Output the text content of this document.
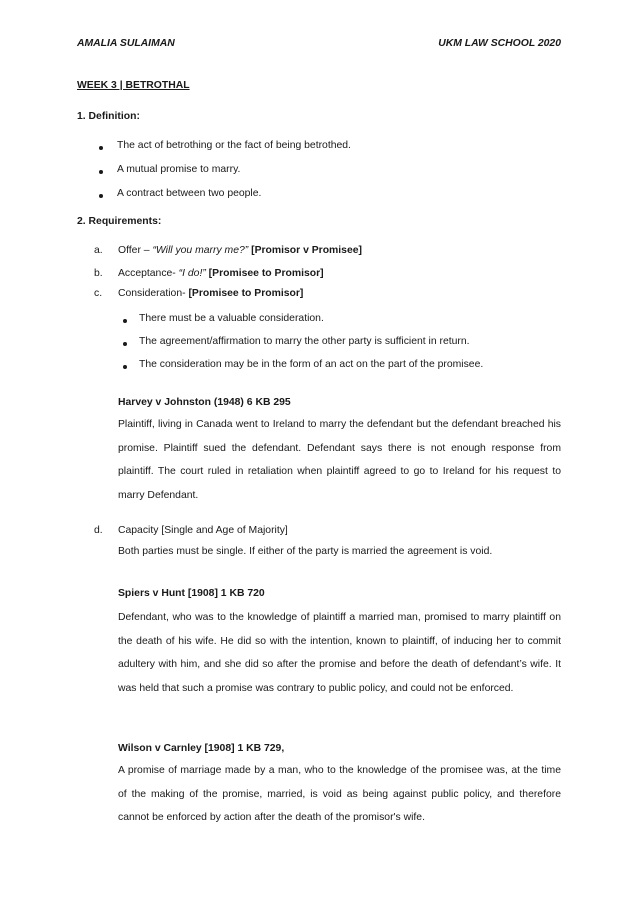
AMALIA SULAIMAN	UKM LAW SCHOOL 2020
WEEK 3 | BETROTHAL
1. Definition:
The act of betrothing or the fact of being betrothed.
A mutual promise to marry.
A contract between two people.
2. Requirements:
a. Offer – “Will you marry me?” [Promisor v Promisee]
b. Acceptance- “I do!” [Promisee to Promisor]
c. Consideration- [Promisee to Promisor]
There must be a valuable consideration.
The agreement/affirmation to marry the other party is sufficient in return.
The consideration may be in the form of an act on the part of the promisee.
Harvey v Johnston (1948) 6 KB 295
Plaintiff, living in Canada went to Ireland to marry the defendant but the defendant breached his promise. Plaintiff sued the defendant. Defendant says there is not enough response from plaintiff. The court ruled in retaliation when plaintiff agreed to go to Ireland for his request to marry Defendant.
d. Capacity [Single and Age of Majority]
Both parties must be single. If either of the party is married the agreement is void.
Spiers v Hunt [1908] 1 KB 720
Defendant, who was to the knowledge of plaintiff a married man, promised to marry plaintiff on the death of his wife. He did so with the intention, known to plaintiff, of inducing her to commit adultery with him, and she did so after the promise and before the death of defendant’s wife. It was held that such a promise was contrary to public policy, and could not be enforced.
Wilson v Carnley [1908] 1 KB 729,
A promise of marriage made by a man, who to the knowledge of the promisee was, at the time of the making of the promise, married, is void as being against public policy, and therefore cannot be enforced by action after the death of the promisor's wife.
